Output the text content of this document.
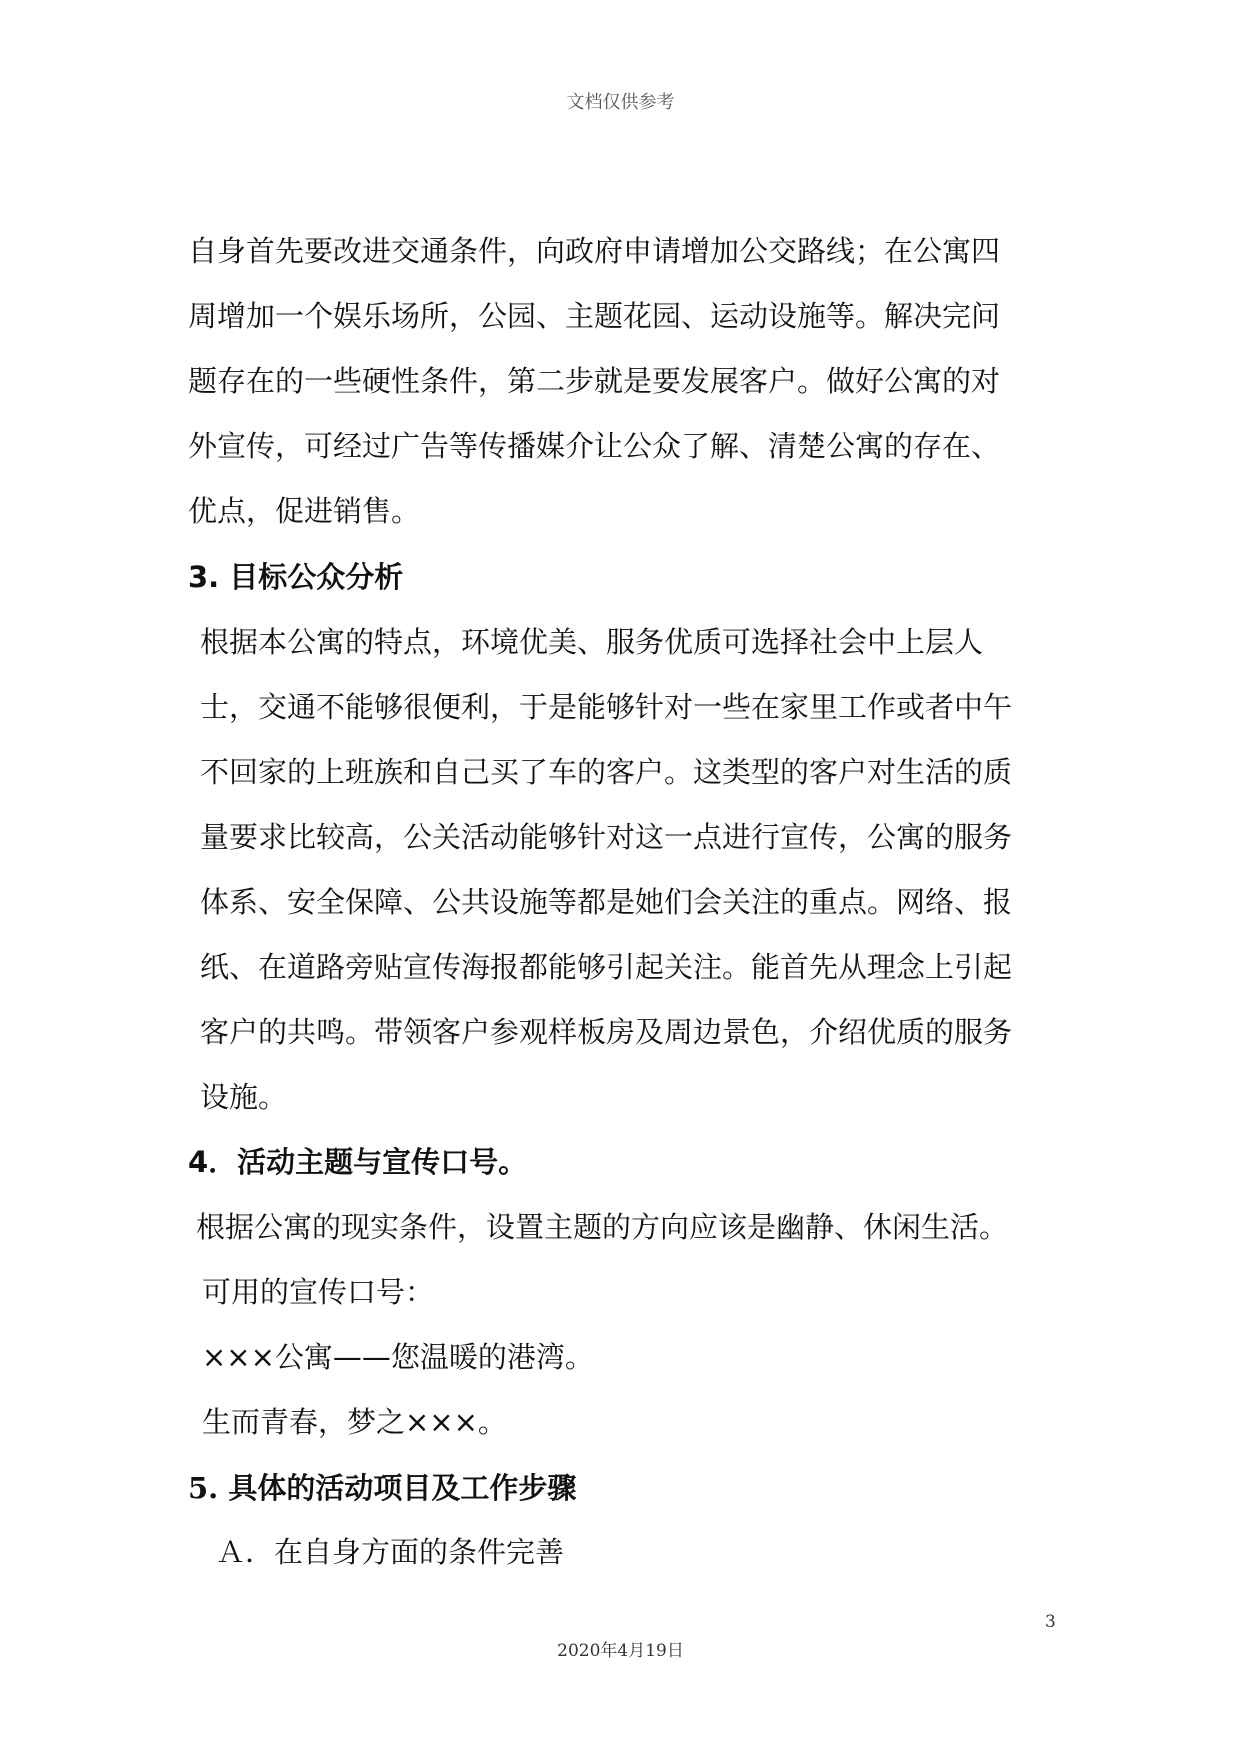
文档仅供参考
自身首先要改进交通条件，向政府申请增加公交路线；在公寓四
周增加一个娱乐场所，公园、主题花园、运动设施等。解决完问
题存在的一些硬性条件，第二步就是要发展客户。做好公寓的对
外宣传，可经过广告等传播媒介让公众了解、清楚公寓的存在、
优点，促进销售。
3. 目标公众分析
根据本公寓的特点，环境优美、服务优质可选择社会中上层人
士，交通不能够很便利，于是能够针对一些在家里工作或者中午
不回家的上班族和自己买了车的客户。这类型的客户对生活的质
量要求比较高，公关活动能够针对这一点进行宣传，公寓的服务
体系、安全保障、公共设施等都是她们会关注的重点。网络、报
纸、在道路旁贴宣传海报都能够引起关注。能首先从理念上引起
客户的共鸣。带领客户参观样板房及周边景色，介绍优质的服务
设施。
4．活动主题与宣传口号。
根据公寓的现实条件，设置主题的方向应该是幽静、休闲生活。
可用的宣传口号：
×××公寓——您温暖的港湾。
生而青春，梦之×××。
5. 具体的活动项目及工作步骤
Ａ．在自身方面的条件完善
3
2020年4月19日
